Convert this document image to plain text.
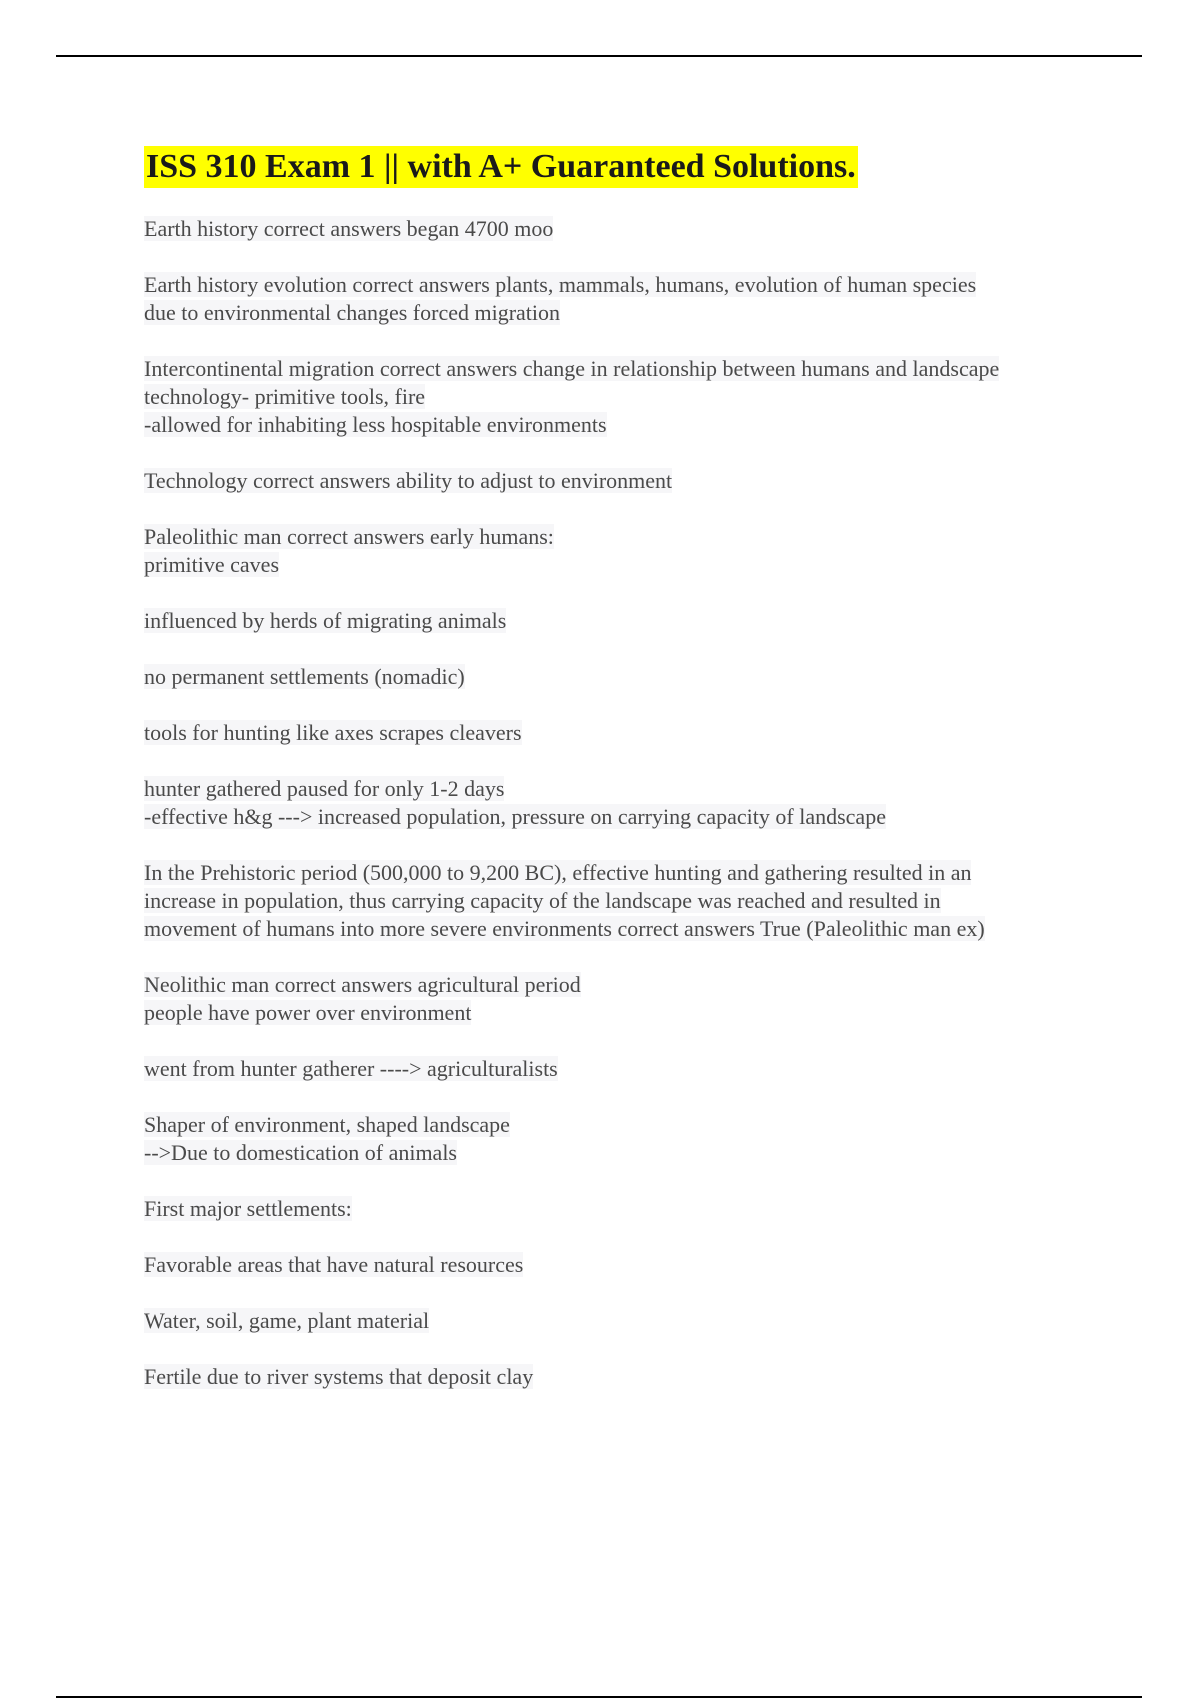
ISS 310 Exam 1 || with A+ Guaranteed Solutions.
Earth history correct answers began 4700 moo
Earth history evolution correct answers plants, mammals, humans, evolution of human species
due to environmental changes forced migration
Intercontinental migration correct answers change in relationship between humans and landscape
technology- primitive tools, fire
-allowed for inhabiting less hospitable environments
Technology correct answers ability to adjust to environment
Paleolithic man correct answers early humans:
primitive caves
influenced by herds of migrating animals
no permanent settlements (nomadic)
tools for hunting like axes scrapes cleavers
hunter gathered paused for only 1-2 days
-effective h&g ---> increased population, pressure on carrying capacity of landscape
In the Prehistoric period (500,000 to 9,200 BC), effective hunting and gathering resulted in an
increase in population, thus carrying capacity of the landscape was reached and resulted in
movement of humans into more severe environments correct answers True (Paleolithic man ex)
Neolithic man correct answers agricultural period
people have power over environment
went from hunter gatherer ----> agriculturalists
Shaper of environment, shaped landscape
-->Due to domestication of animals
First major settlements:
Favorable areas that have natural resources
Water, soil, game, plant material
Fertile due to river systems that deposit clay
